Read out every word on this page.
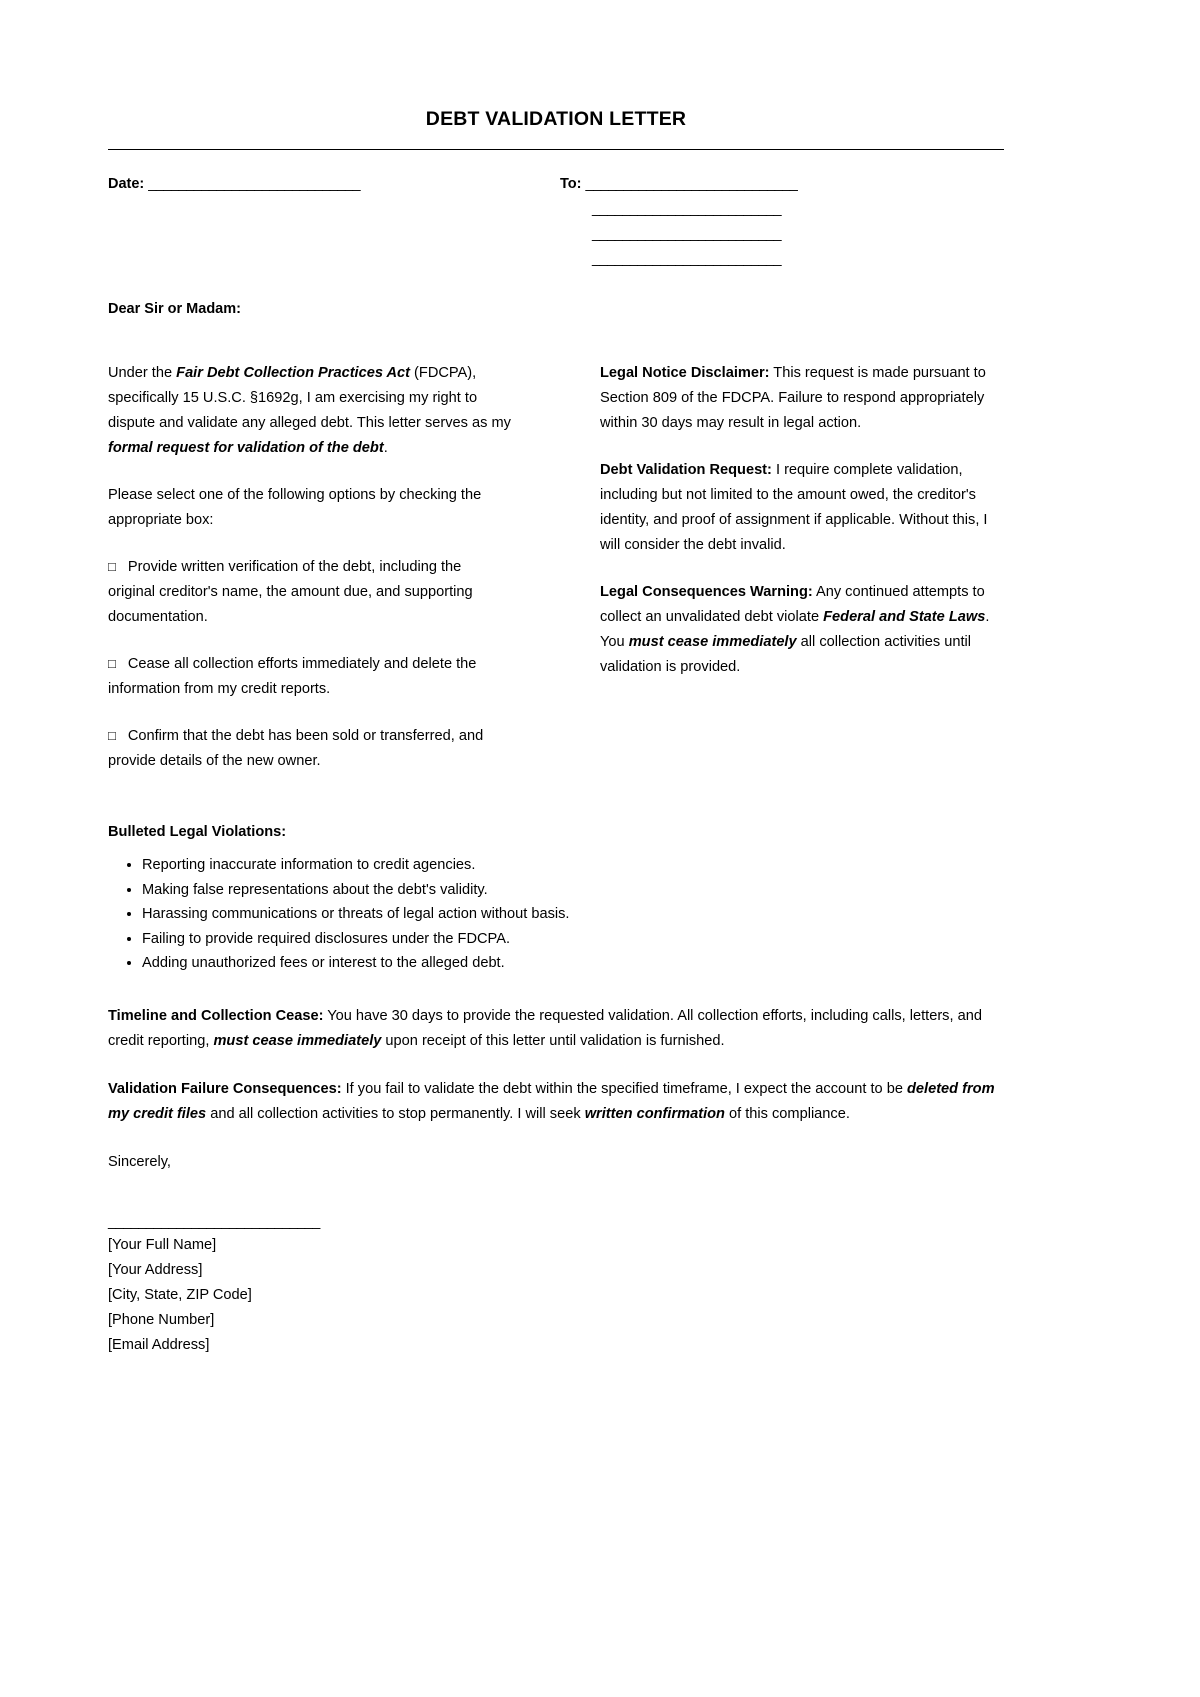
DEBT VALIDATION LETTER
Date: ____________________________	To: ____________________________
_________________________
_________________________
_________________________
Dear Sir or Madam:

Under the Fair Debt Collection Practices Act (FDCPA), specifically 15 U.S.C. §1692g, I am exercising my right to dispute and validate any alleged debt. This letter serves as my formal request for validation of the debt.

Please select one of the following options by checking the appropriate box:

□ Provide written verification of the debt, including the original creditor's name, the amount due, and supporting documentation.

□ Cease all collection efforts immediately and delete the information from my credit reports.

□ Confirm that the debt has been sold or transferred, and provide details of the new owner.

Legal Notice Disclaimer: This request is made pursuant to Section 809 of the FDCPA. Failure to respond appropriately within 30 days may result in legal action.

Debt Validation Request: I require complete validation, including but not limited to the amount owed, the creditor's identity, and proof of assignment if applicable. Without this, I will consider the debt invalid.

Legal Consequences Warning: Any continued attempts to collect an unvalidated debt violate Federal and State Laws. You must cease immediately all collection activities until validation is provided.

Bulleted Legal Violations:
• Reporting inaccurate information to credit agencies.
• Making false representations about the debt's validity.
• Harassing communications or threats of legal action without basis.
• Failing to provide required disclosures under the FDCPA.
• Adding unauthorized fees or interest to the alleged debt.

Timeline and Collection Cease: You have 30 days to provide the requested validation. All collection efforts, including calls, letters, and credit reporting, must cease immediately upon receipt of this letter until validation is furnished.

Validation Failure Consequences: If you fail to validate the debt within the specified timeframe, I expect the account to be deleted from my credit files and all collection activities to stop permanently. I will seek written confirmation of this compliance.

Sincerely,
____________________________
[Your Full Name]
[Your Address]
[City, State, ZIP Code]
[Phone Number]
[Email Address]
